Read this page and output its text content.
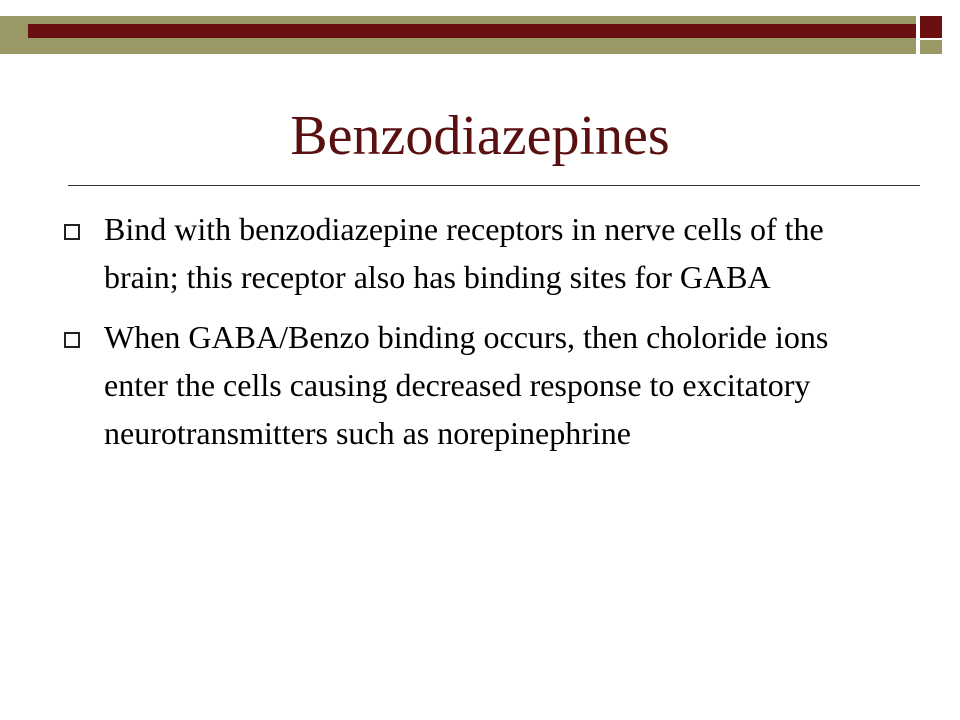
Benzodiazepines
Bind with benzodiazepine receptors in nerve cells of the brain; this receptor also has binding sites for GABA
When GABA/Benzo binding occurs, then choloride ions enter the cells causing decreased response to excitatory neurotransmitters such as norepinephrine
